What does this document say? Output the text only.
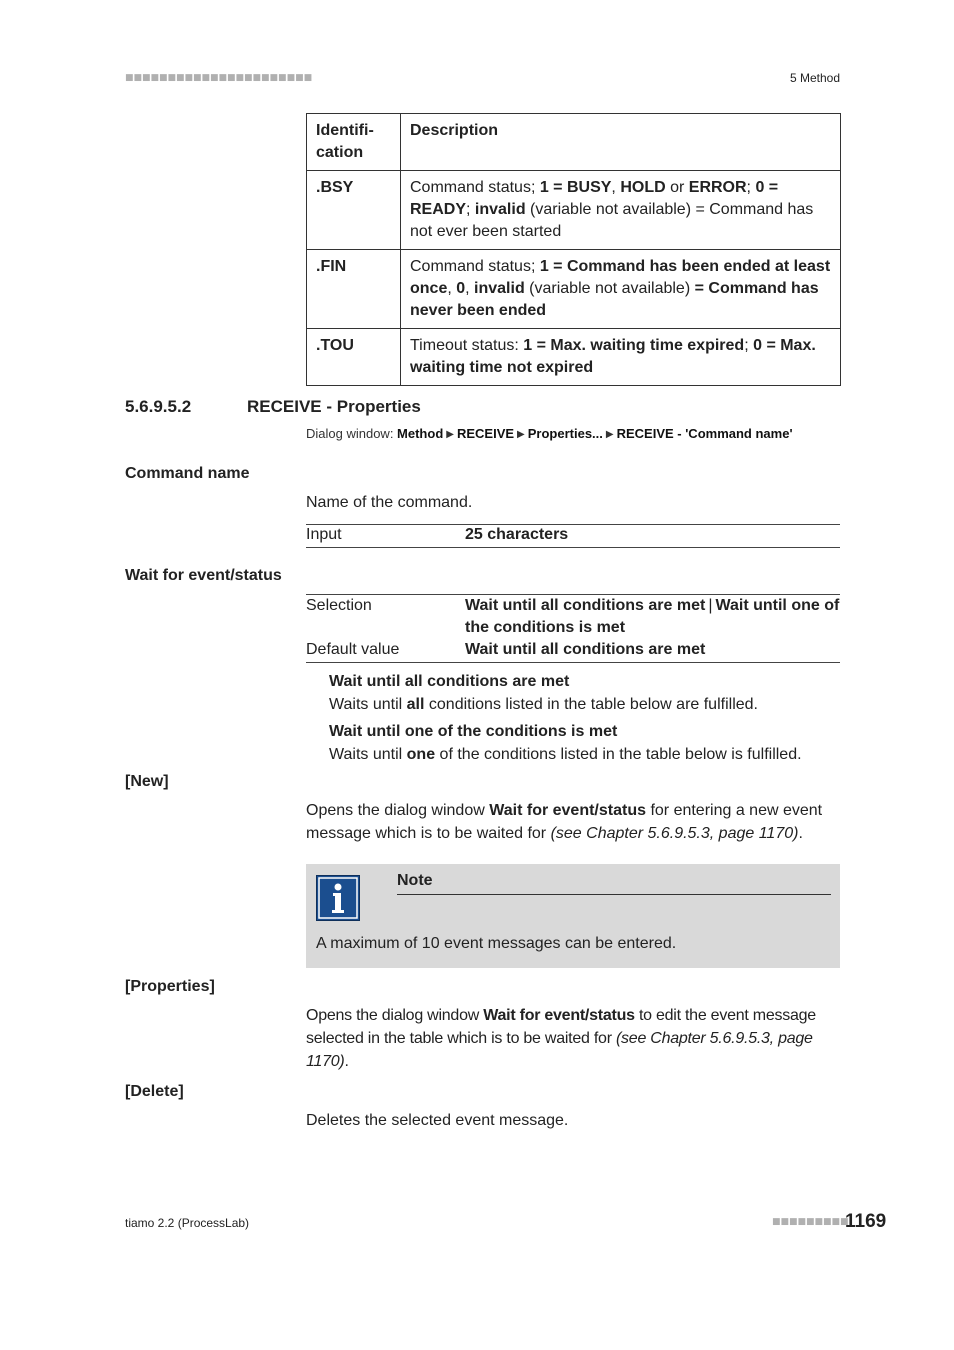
■■■■■■■■■■■■■■■■■■■■■■	5 Method
Identifi-
cation	Description
.BSY	Command status; 1 = BUSY, HOLD or ERROR; 0 = READY; invalid (variable not available) = Command has not ever been started
.FIN	Command status; 1 = Command has been ended at least once, 0, invalid (variable not available) = Command has never been ended
.TOU	Timeout status: 1 = Max. waiting time expired; 0 = Max. waiting time not expired
5.6.9.5.2	RECEIVE - Properties
Dialog window: Method ▶ RECEIVE ▶ Properties... ▶ RECEIVE - 'Command name'
Command name
Name of the command.
Input	25 characters
Wait for event/status
Selection	Wait until all conditions are met | Wait until one of the conditions is met
Default value	Wait until all conditions are met
Wait until all conditions are met
Waits until all conditions listed in the table below are fulfilled.
Wait until one of the conditions is met
Waits until one of the conditions listed in the table below is fulfilled.
[New]
Opens the dialog window Wait for event/status for entering a new event message which is to be waited for (see Chapter 5.6.9.5.3, page 1170).
Note
A maximum of 10 event messages can be entered.
[Properties]
Opens the dialog window Wait for event/status to edit the event message selected in the table which is to be waited for (see Chapter 5.6.9.5.3, page 1170).
[Delete]
Deletes the selected event message.
tiamo 2.2 (ProcessLab)	■■■■■■■■■
1169
